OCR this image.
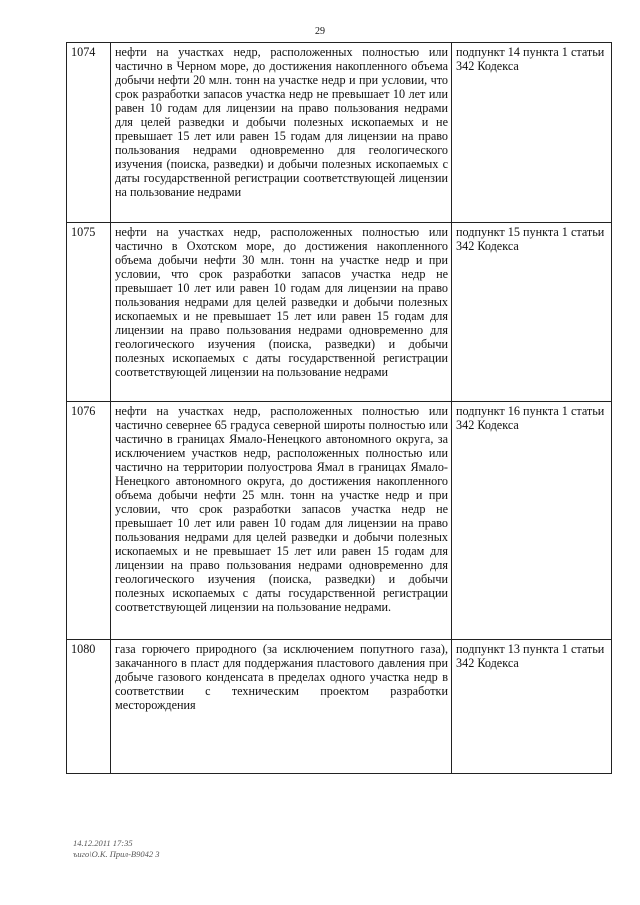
29
1074	нефти на участках недр, расположенных полностью или частично в Черном море, до достижения накопленного объема добычи нефти 20 млн. тонн на участке недр и при условии, что срок разработки запасов участка недр не превышает 10 лет или равен 10 годам для лицензии на право пользования недрами для целей разведки и добычи полезных ископаемых и не превышает 15 лет или равен 15 годам для лицензии на право пользования недрами одновременно для геологического изучения (поиска, разведки) и добычи полезных ископаемых с даты государственной регистрации соответствующей лицензии на пользование недрами	подпункт 14 пункта 1 статьи 342 Кодекса
1075	нефти на участках недр, расположенных полностью или частично в Охотском море, до достижения накопленного объема добычи нефти 30 млн. тонн на участке недр и при условии, что срок разработки запасов участка недр не превышает 10 лет или равен 10 годам для лицензии на право пользования недрами для целей разведки и добычи полезных ископаемых и не превышает 15 лет или равен 15 годам для лицензии на право пользования недрами одновременно для геологического изучения (поиска, разведки) и добычи полезных ископаемых с даты государственной регистрации соответствующей лицензии на пользование недрами	подпункт 15 пункта 1 статьи 342 Кодекса
1076	нефти на участках недр, расположенных полностью или частично севернее 65 градуса северной широты полностью или частично в границах Ямало-Ненецкого автономного округа, за исключением участков недр, расположенных полностью или частично на территории полуострова Ямал в границах Ямало-Ненецкого автономного округа, до достижения накопленного объема добычи нефти 25 млн. тонн на участке недр и при условии, что срок разработки запасов участка недр не превышает 10 лет или равен 10 годам для лицензии на право пользования недрами для целей разведки и добычи полезных ископаемых и не превышает 15 лет или равен 15 годам для лицензии на право пользования недрами одновременно для геологического изучения (поиска, разведки) и добычи полезных ископаемых с даты государственной регистрации соответствующей лицензии на пользование недрами.	подпункт 16 пункта 1 статьи 342 Кодекса
1080	газа горючего природного (за исключением попутного газа), закачанного в пласт для поддержания пластового давления при добыче газового конденсата в пределах одного участка недр в соответствии с техническим проектом разработки месторождения	подпункт 13 пункта 1 статьи 342 Кодекса
14.12.2011 17:35
ъиго\О.К. Прил-В9042 3
